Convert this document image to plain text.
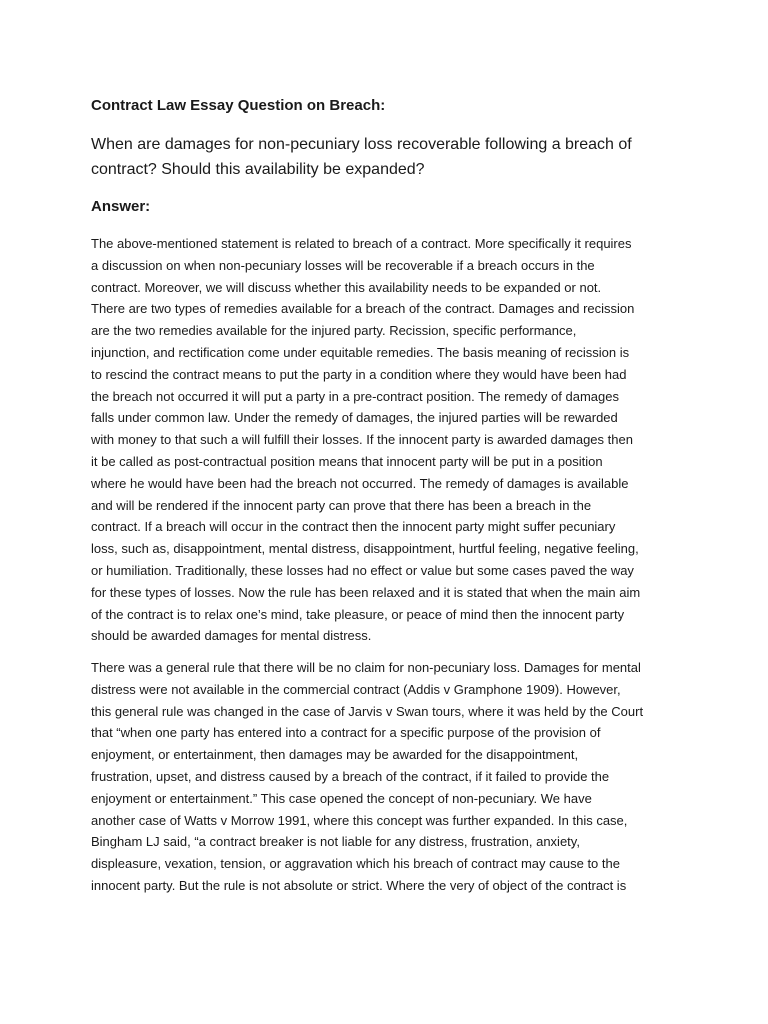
Contract Law Essay Question on Breach:

When are damages for non-pecuniary loss recoverable following a breach of
contract? Should this availability be expanded?

Answer:

The above-mentioned statement is related to breach of a contract. More specifically it requires
a discussion on when non-pecuniary losses will be recoverable if a breach occurs in the
contract. Moreover, we will discuss whether this availability needs to be expanded or not.
There are two types of remedies available for a breach of the contract. Damages and recission
are the two remedies available for the injured party. Recission, specific performance,
injunction, and rectification come under equitable remedies. The basis meaning of recission is
to rescind the contract means to put the party in a condition where they would have been had
the breach not occurred it will put a party in a pre-contract position. The remedy of damages
falls under common law. Under the remedy of damages, the injured parties will be rewarded
with money to that such a will fulfill their losses. If the innocent party is awarded damages then
it be called as post-contractual position means that innocent party will be put in a position
where he would have been had the breach not occurred. The remedy of damages is available
and will be rendered if the innocent party can prove that there has been a breach in the
contract. If a breach will occur in the contract then the innocent party might suffer pecuniary
loss, such as, disappointment, mental distress, disappointment, hurtful feeling, negative feeling,
or humiliation. Traditionally, these losses had no effect or value but some cases paved the way
for these types of losses. Now the rule has been relaxed and it is stated that when the main aim
of the contract is to relax one’s mind, take pleasure, or peace of mind then the innocent party
should be awarded damages for mental distress.

There was a general rule that there will be no claim for non-pecuniary loss. Damages for mental
distress were not available in the commercial contract (Addis v Gramphone 1909). However,
this general rule was changed in the case of Jarvis v Swan tours, where it was held by the Court
that “when one party has entered into a contract for a specific purpose of the provision of
enjoyment, or entertainment, then damages may be awarded for the disappointment,
frustration, upset, and distress caused by a breach of the contract, if it failed to provide the
enjoyment or entertainment.” This case opened the concept of non-pecuniary. We have
another case of Watts v Morrow 1991, where this concept was further expanded. In this case,
Bingham LJ said, “a contract breaker is not liable for any distress, frustration, anxiety,
displeasure, vexation, tension, or aggravation which his breach of contract may cause to the
innocent party. But the rule is not absolute or strict. Where the very of object of the contract is
